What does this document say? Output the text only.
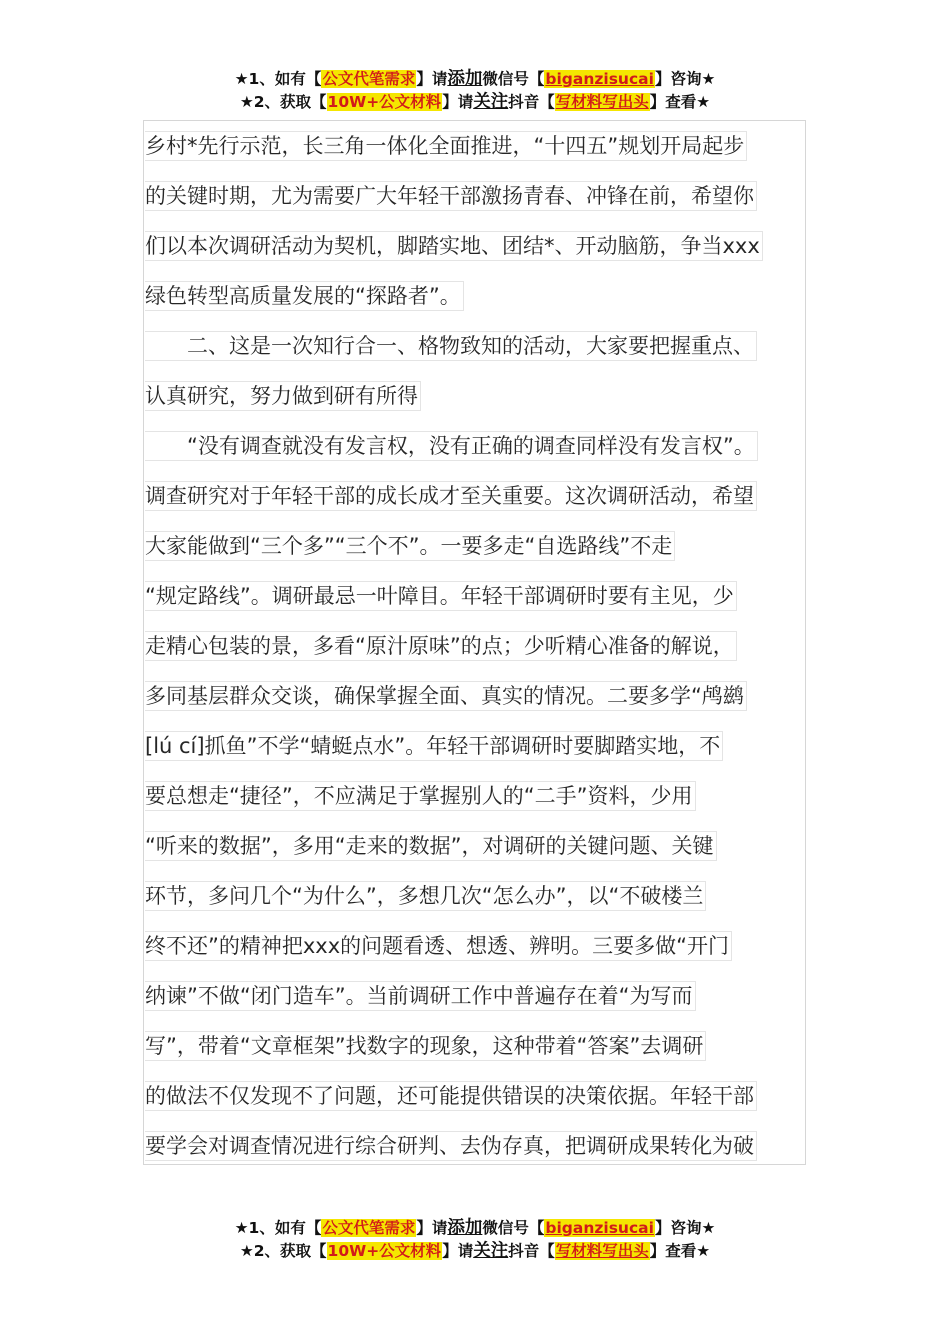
★1、如有【公文代笔需求】请添加微信号【biganzisucai】咨询★
★2、获取【10W+公文材料】请关注抖音【写材料写出头】查看★
乡村*先行示范，长三角一体化全面推进，“十四五”规划开局起步
的关键时期，尤为需要广大年轻干部激扬青春、冲锋在前，希望你
们以本次调研活动为契机，脚踏实地、团结*、开动脑筋，争当xxx
绿色转型高质量发展的“探路者”。
　　二、这是一次知行合一、格物致知的活动，大家要把握重点、
认真研究，努力做到研有所得
　　“没有调查就没有发言权，没有正确的调查同样没有发言权”。
调查研究对于年轻干部的成长成才至关重要。这次调研活动，希望
大家能做到“三个多”“三个不”。一要多走“自选路线”不走
“规定路线”。调研最忌一叶障目。年轻干部调研时要有主见，少
走精心包装的景，多看“原汁原味”的点；少听精心准备的解说，
多同基层群众交谈，确保掌握全面、真实的情况。二要多学“鸬鹚
[lú cí]抓鱼”不学“蜻蜓点水”。年轻干部调研时要脚踏实地，不
要总想走“捷径”，不应满足于掌握别人的“二手”资料，少用
“听来的数据”，多用“走来的数据”，对调研的关键问题、关键
环节，多问几个“为什么”，多想几次“怎么办”，以“不破楼兰
终不还”的精神把xxx的问题看透、想透、辨明。三要多做“开门
纳谏”不做“闭门造车”。当前调研工作中普遍存在着“为写而
写”，带着“文章框架”找数字的现象，这种带着“答案”去调研
的做法不仅发现不了问题，还可能提供错误的决策依据。年轻干部
要学会对调查情况进行综合研判、去伪存真，把调研成果转化为破
★1、如有【公文代笔需求】请添加微信号【biganzisucai】咨询★
★2、获取【10W+公文材料】请关注抖音【写材料写出头】查看★
